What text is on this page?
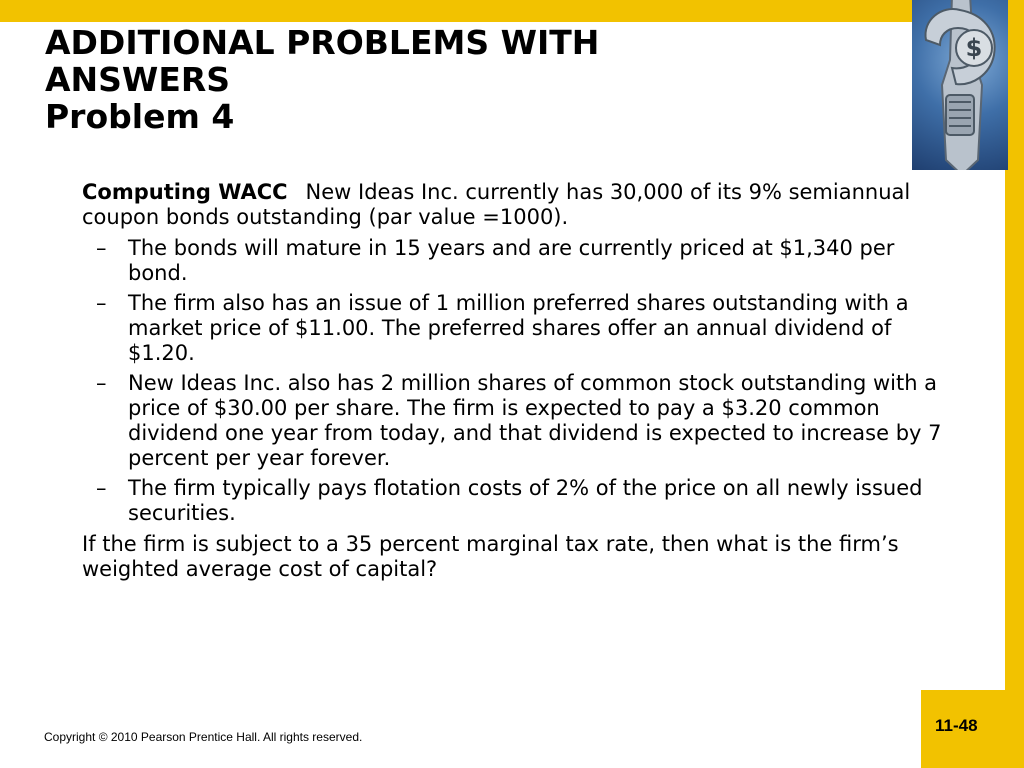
$
ADDITIONAL PROBLEMS WITH
ANSWERS
Problem 4

Computing WACC New Ideas Inc. currently has 30,000 of its 9% semiannual coupon bonds outstanding (par value =1000).

– The bonds will mature in 15 years and are currently priced at $1,340 per bond.
– The firm also has an issue of 1 million preferred shares outstanding with a market price of $11.00. The preferred shares offer an annual dividend of $1.20.
– New Ideas Inc. also has 2 million shares of common stock outstanding with a price of $30.00 per share. The firm is expected to pay a $3.20 common dividend one year from today, and that dividend is expected to increase by 7 percent per year forever.
– The firm typically pays flotation costs of 2% of the price on all newly issued securities.

If the firm is subject to a 35 percent marginal tax rate, then what is the firm’s weighted average cost of capital?

Copyright © 2010 Pearson Prentice Hall. All rights reserved.
11-48
